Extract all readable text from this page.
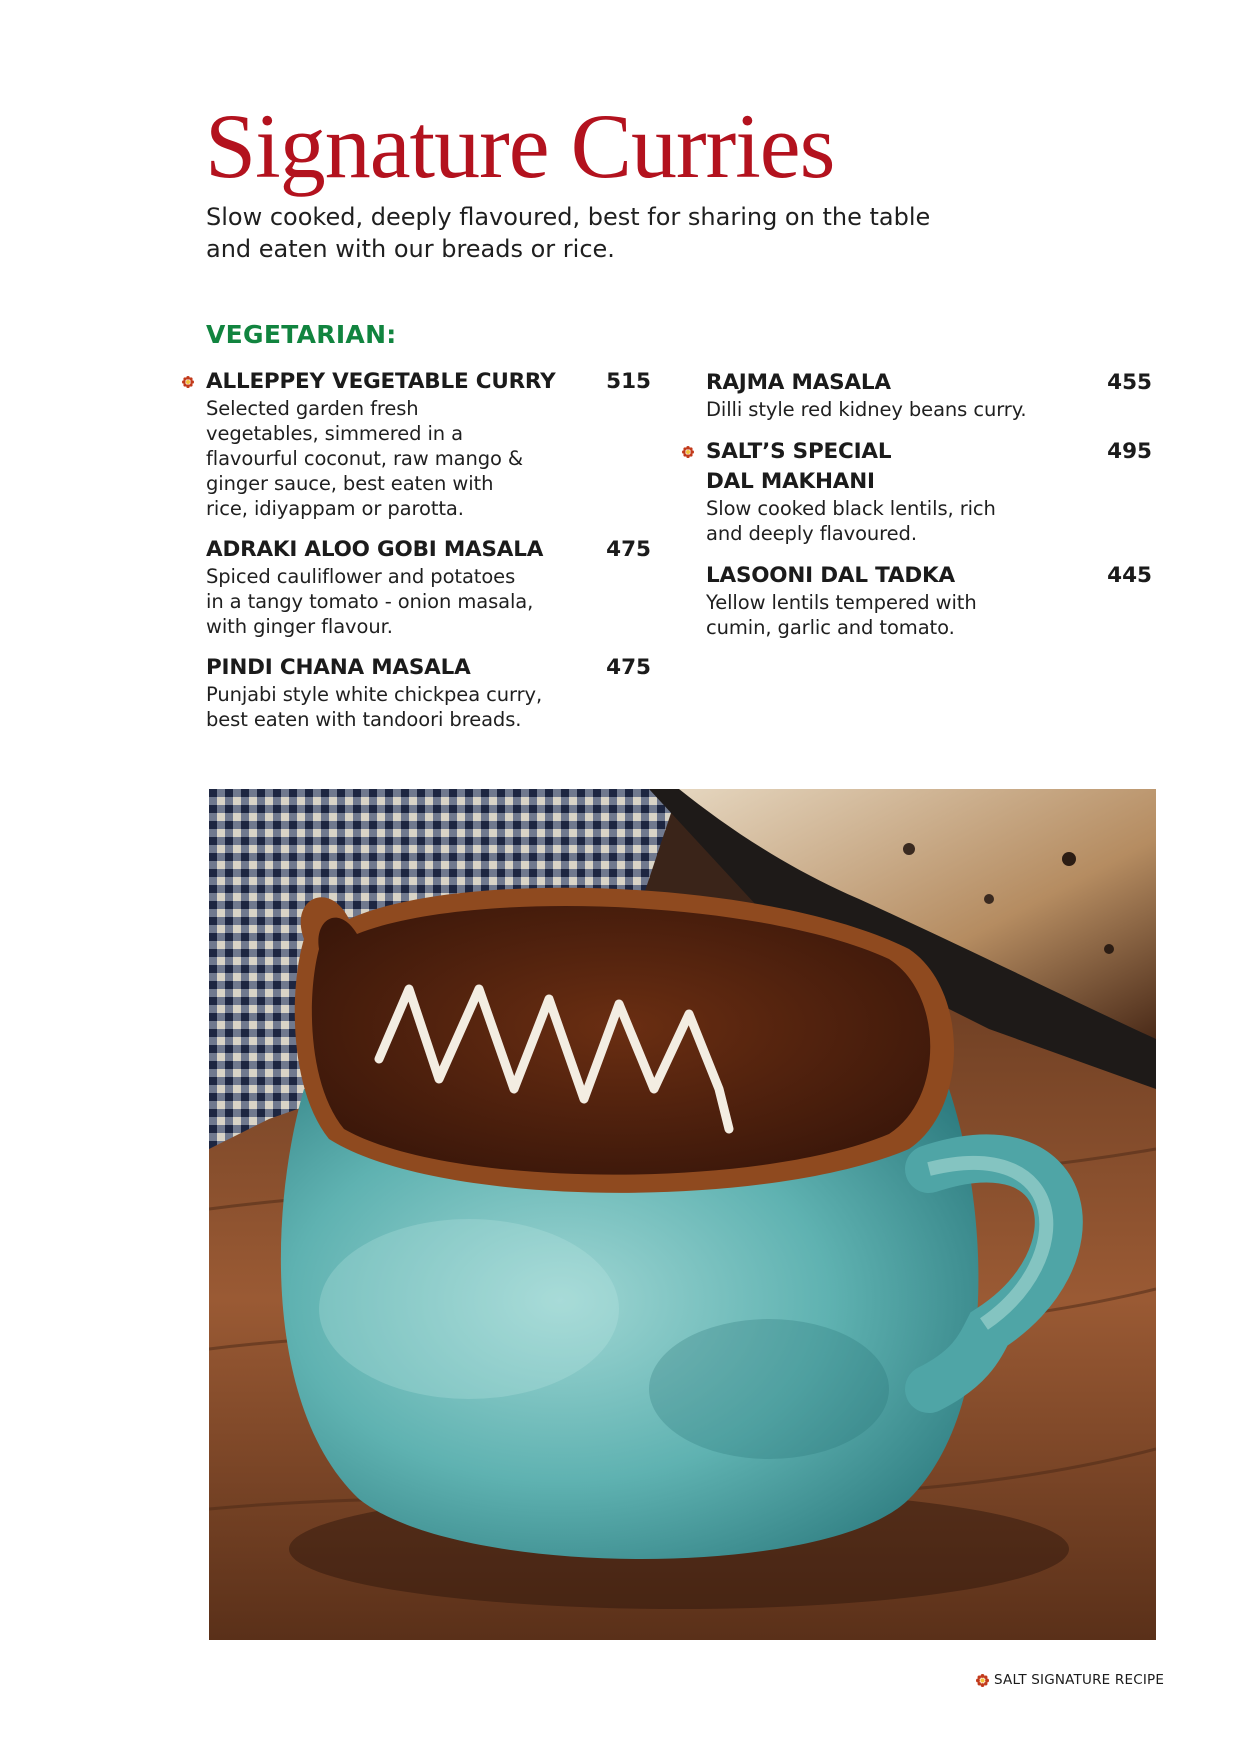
Signature Curries

Slow cooked, deeply flavoured, best for sharing on the table and eaten with our breads or rice.

VEGETARIAN:
ALLEPPEY VEGETABLE CURRY	515
Selected garden fresh vegetables, simmered in a flavourful coconut, raw mango & ginger sauce, best eaten with rice, idiyappam or parotta.
ADRAKI ALOO GOBI MASALA	475
Spiced cauliflower and potatoes in a tangy tomato - onion masala, with ginger flavour.
PINDI CHANA MASALA	475
Punjabi style white chickpea curry, best eaten with tandoori breads.
RAJMA MASALA	455
Dilli style red kidney beans curry.
SALT’S SPECIAL
DAL MAKHANI
495
Slow cooked black lentils, rich and deeply flavoured.
LASOONI DAL TADKA	445
Yellow lentils tempered with cumin, garlic and tomato.
SALT SIGNATURE RECIPE
